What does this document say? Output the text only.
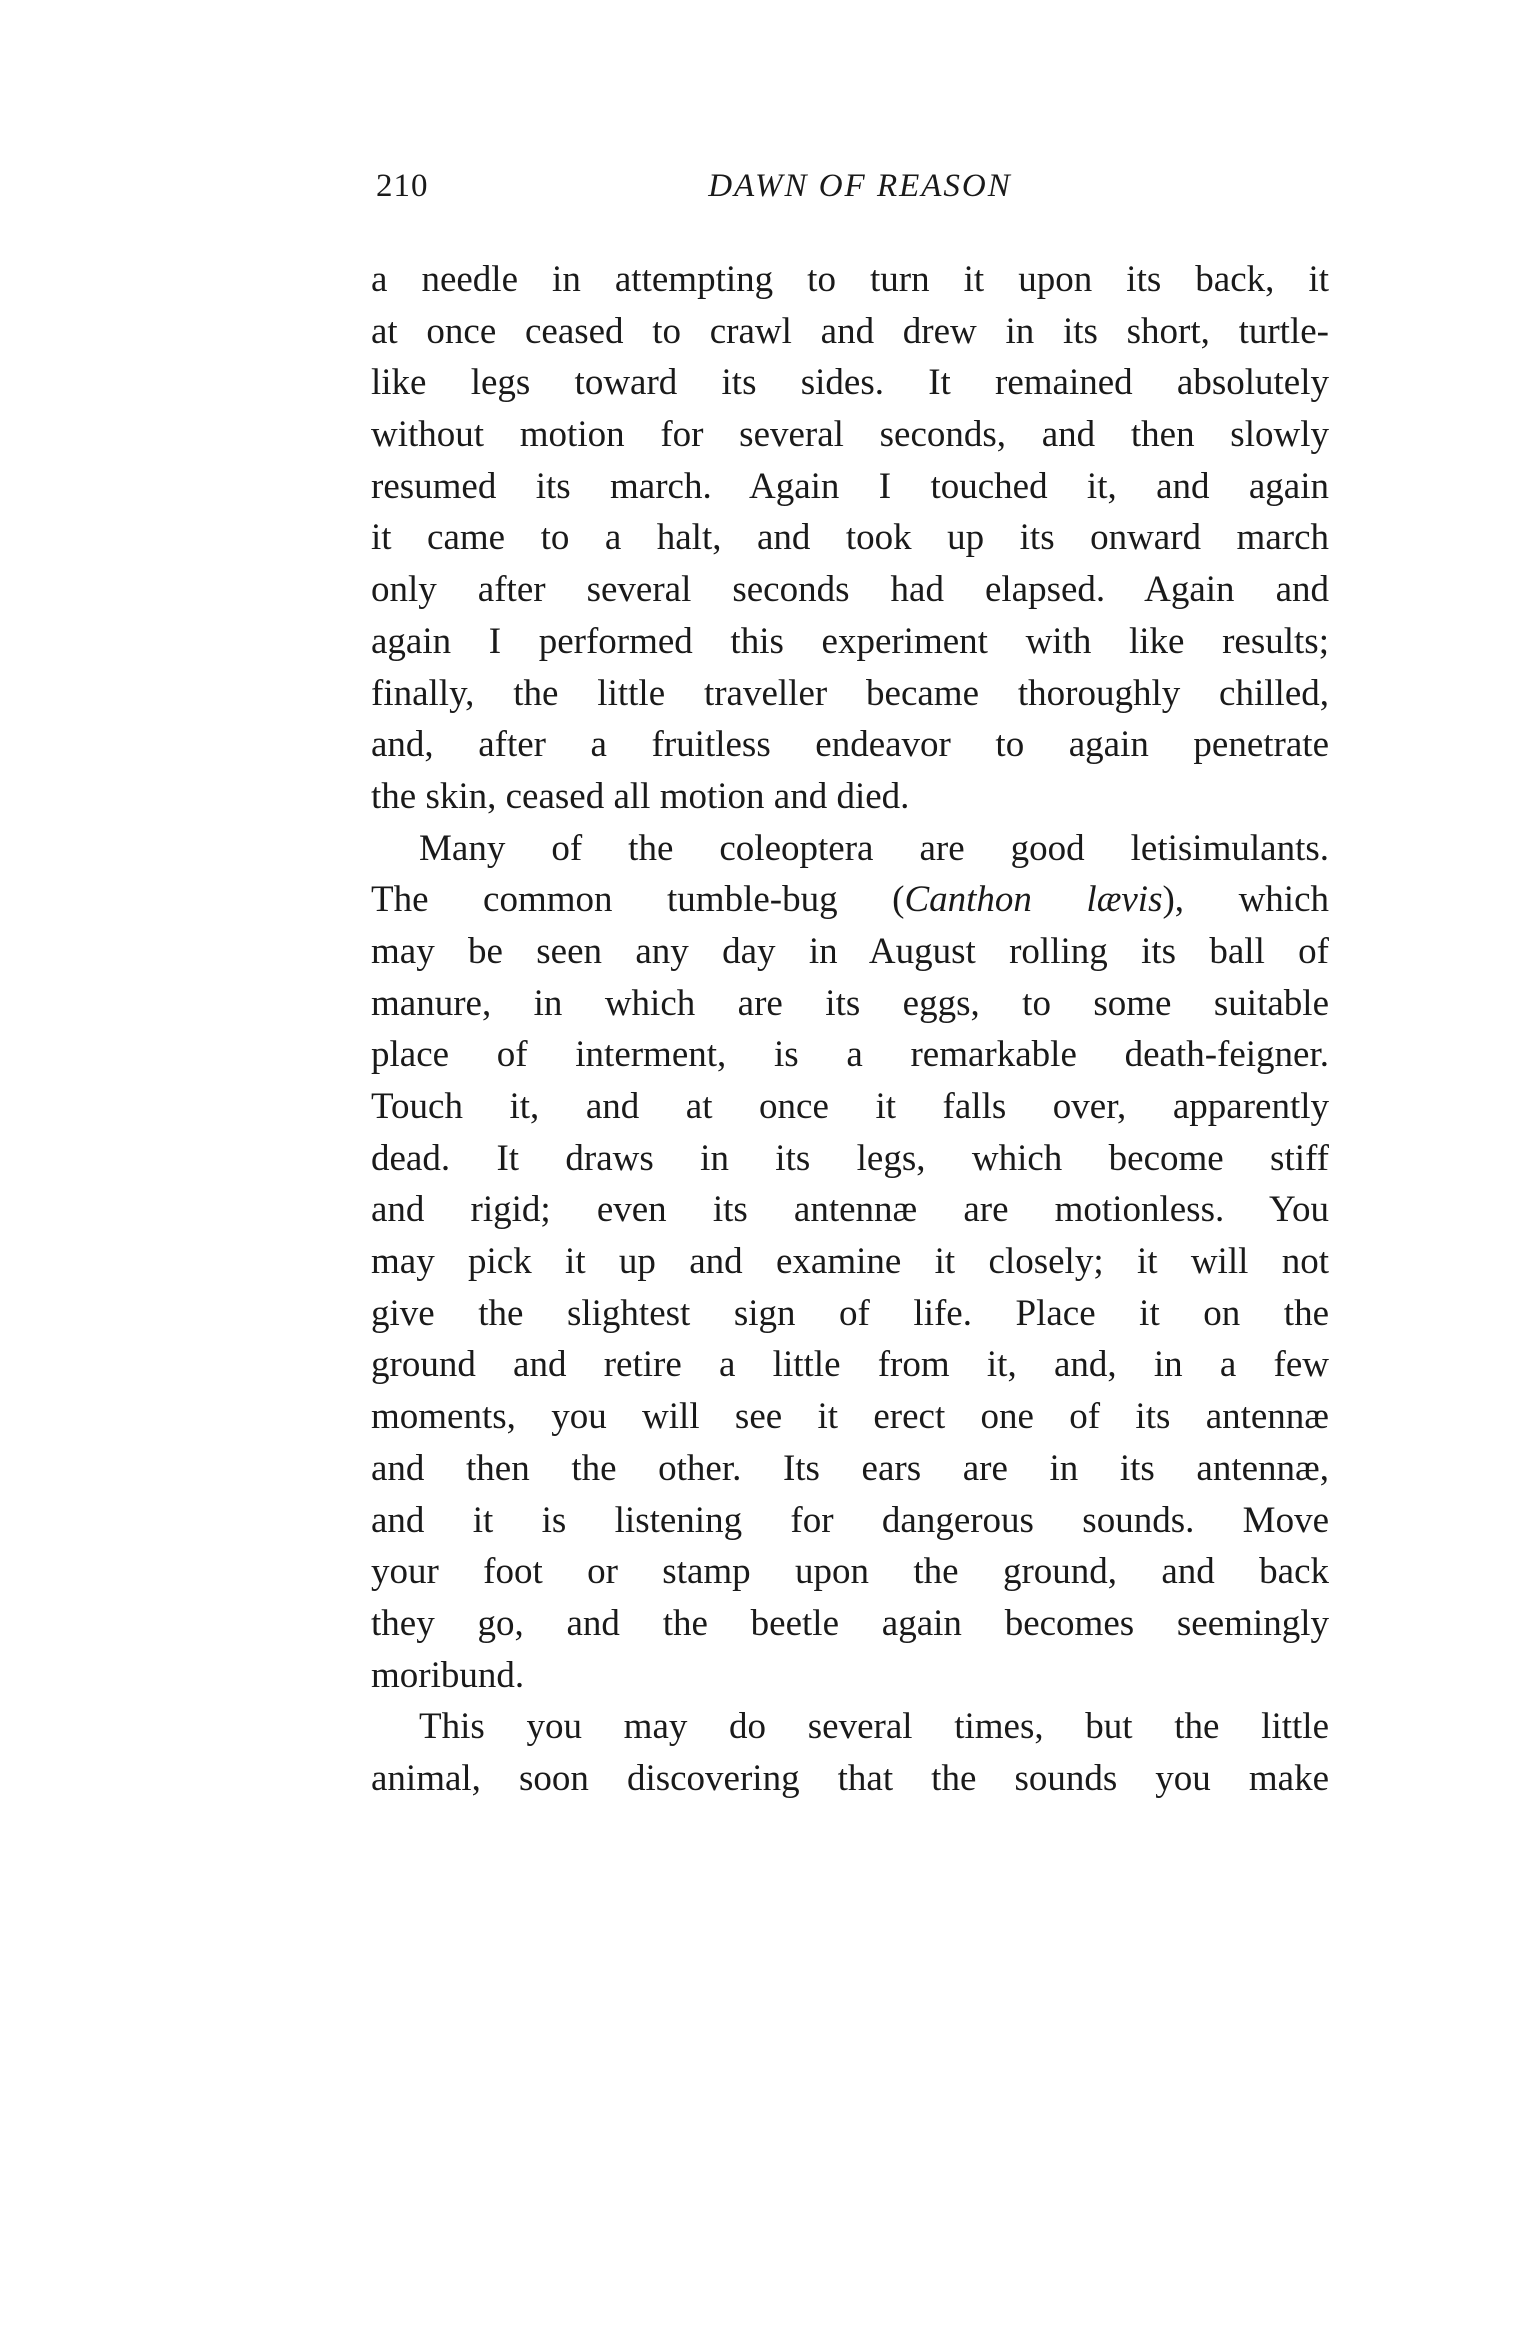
210	DAWN OF REASON
a needle in attempting to turn it upon its back, it
at once ceased to crawl and drew in its short, turtle-
like legs toward its sides. It remained absolutely
without motion for several seconds, and then slowly
resumed its march. Again I touched it, and again
it came to a halt, and took up its onward march
only after several seconds had elapsed. Again and
again I performed this experiment with like results;
finally, the little traveller became thoroughly chilled,
and, after a fruitless endeavor to again penetrate
the skin, ceased all motion and died.
Many of the coleoptera are good letisimulants.
The common tumble-bug (Canthon lævis), which
may be seen any day in August rolling its ball of
manure, in which are its eggs, to some suitable
place of interment, is a remarkable death-feigner.
Touch it, and at once it falls over, apparently
dead. It draws in its legs, which become stiff
and rigid; even its antennæ are motionless. You
may pick it up and examine it closely; it will not
give the slightest sign of life. Place it on the
ground and retire a little from it, and, in a few
moments, you will see it erect one of its antennæ
and then the other. Its ears are in its antennæ,
and it is listening for dangerous sounds. Move
your foot or stamp upon the ground, and back
they go, and the beetle again becomes seemingly
moribund.
This you may do several times, but the little
animal, soon discovering that the sounds you make
